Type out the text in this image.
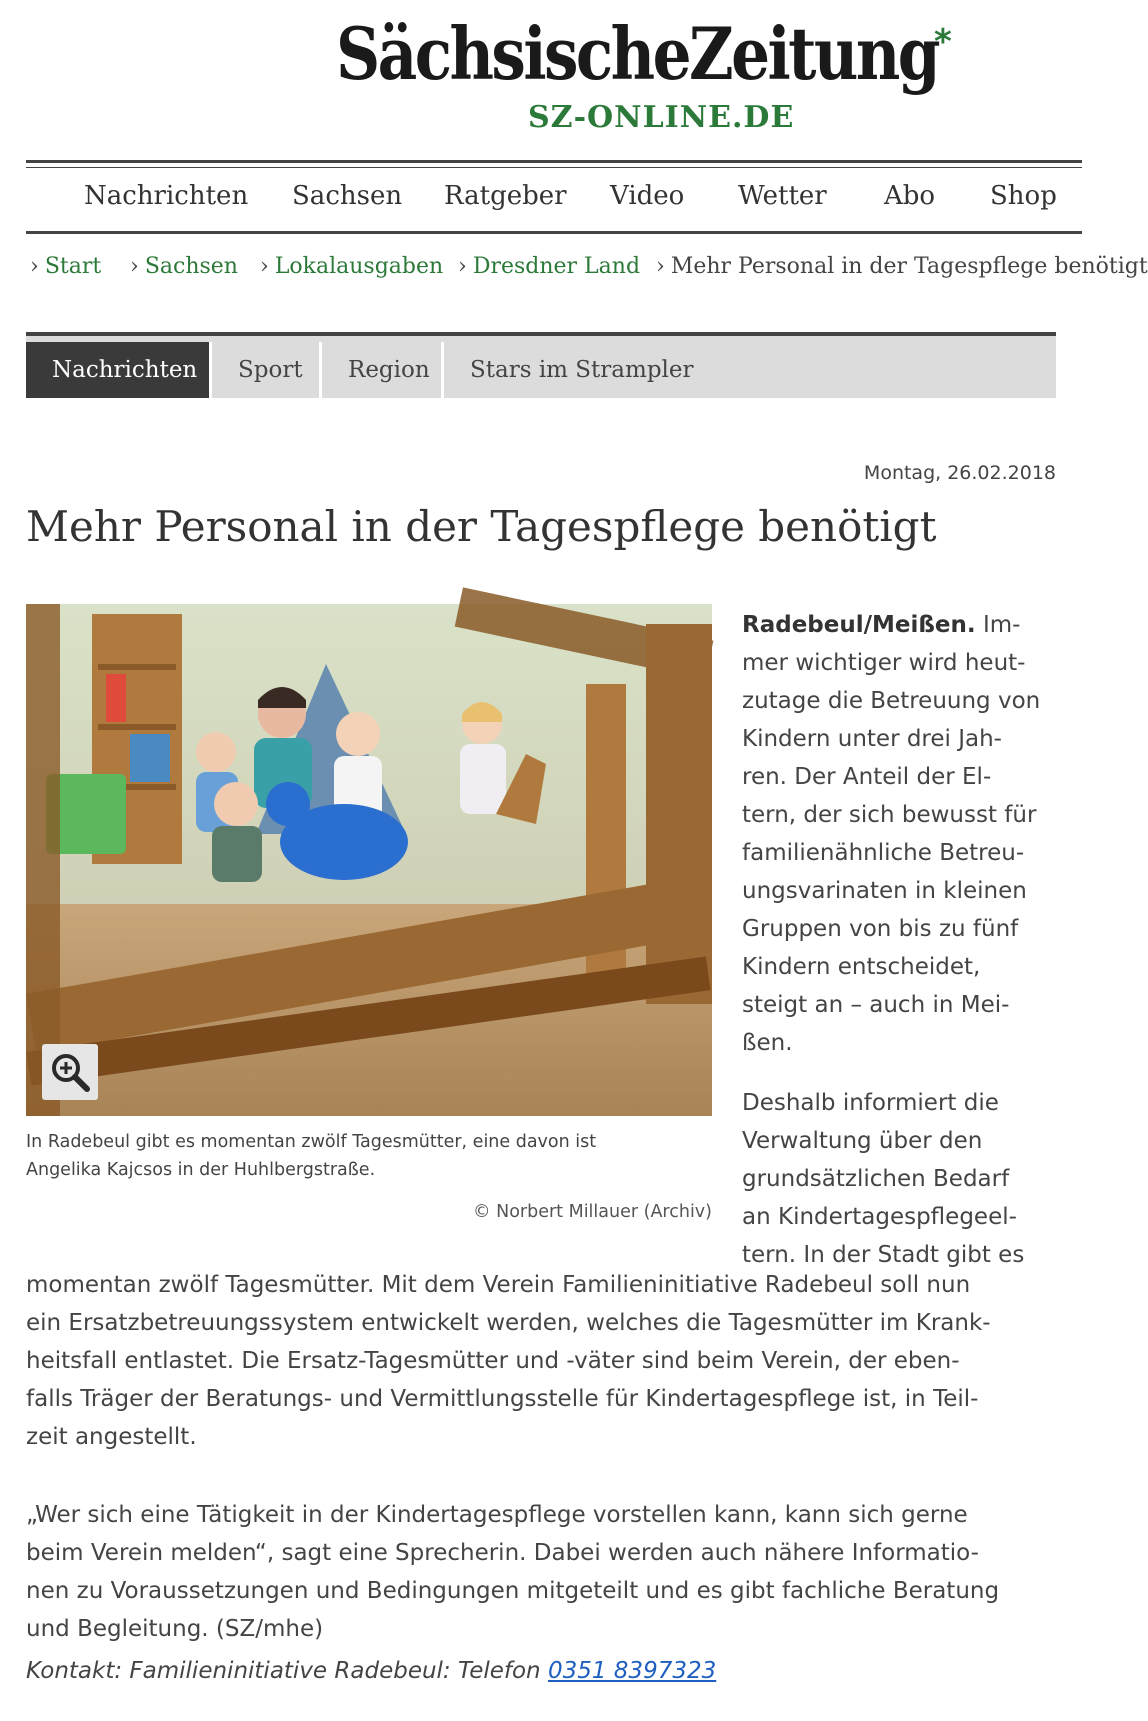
SächsischeZeitung
*
SZ-ONLINE.DE
Nachrichten Sachsen Ratgeber Video Wetter Abo Shop
› Start › Sachsen › Lokalausgaben › Dresdner Land › Mehr Personal in der Tagespflege benötigt
Nachrichten	Sport	Region	Stars im Strampler
Montag, 26.02.2018
Mehr Personal in der Tagespflege benötigt
In Radebeul gibt es momentan zwölf Tagesmütter, eine davon ist
Angelika Kajcsos in der Huhlbergstraße.
© Norbert Millauer (Archiv)
Radebeul/Meißen. Im-
mer wichtiger wird heut-
zutage die Betreuung von
Kindern unter drei Jah-
ren. Der Anteil der El-
tern, der sich bewusst für
familienähnliche Betreu-
ungsvarinaten in kleinen
Gruppen von bis zu fünf
Kindern entscheidet,
steigt an – auch in Mei-
ßen.
Deshalb informiert die
Verwaltung über den
grundsätzlichen Bedarf
an Kindertagespflegeel-
tern. In der Stadt gibt es
momentan zwölf Tagesmütter. Mit dem Verein Familieninitiative Radebeul soll nun
ein Ersatzbetreuungssystem entwickelt werden, welches die Tagesmütter im Krank-
heitsfall entlastet. Die Ersatz-Tagesmütter und -väter sind beim Verein, der eben-
falls Träger der Beratungs- und Vermittlungsstelle für Kindertagespflege ist, in Teil-
zeit angestellt.
„Wer sich eine Tätigkeit in der Kindertagespflege vorstellen kann, kann sich gerne
beim Verein melden“, sagt eine Sprecherin. Dabei werden auch nähere Informatio-
nen zu Voraussetzungen und Bedingungen mitgeteilt und es gibt fachliche Beratung
und Begleitung. (SZ/mhe)
Kontakt: Familieninitiative Radebeul: Telefon 0351 8397323
